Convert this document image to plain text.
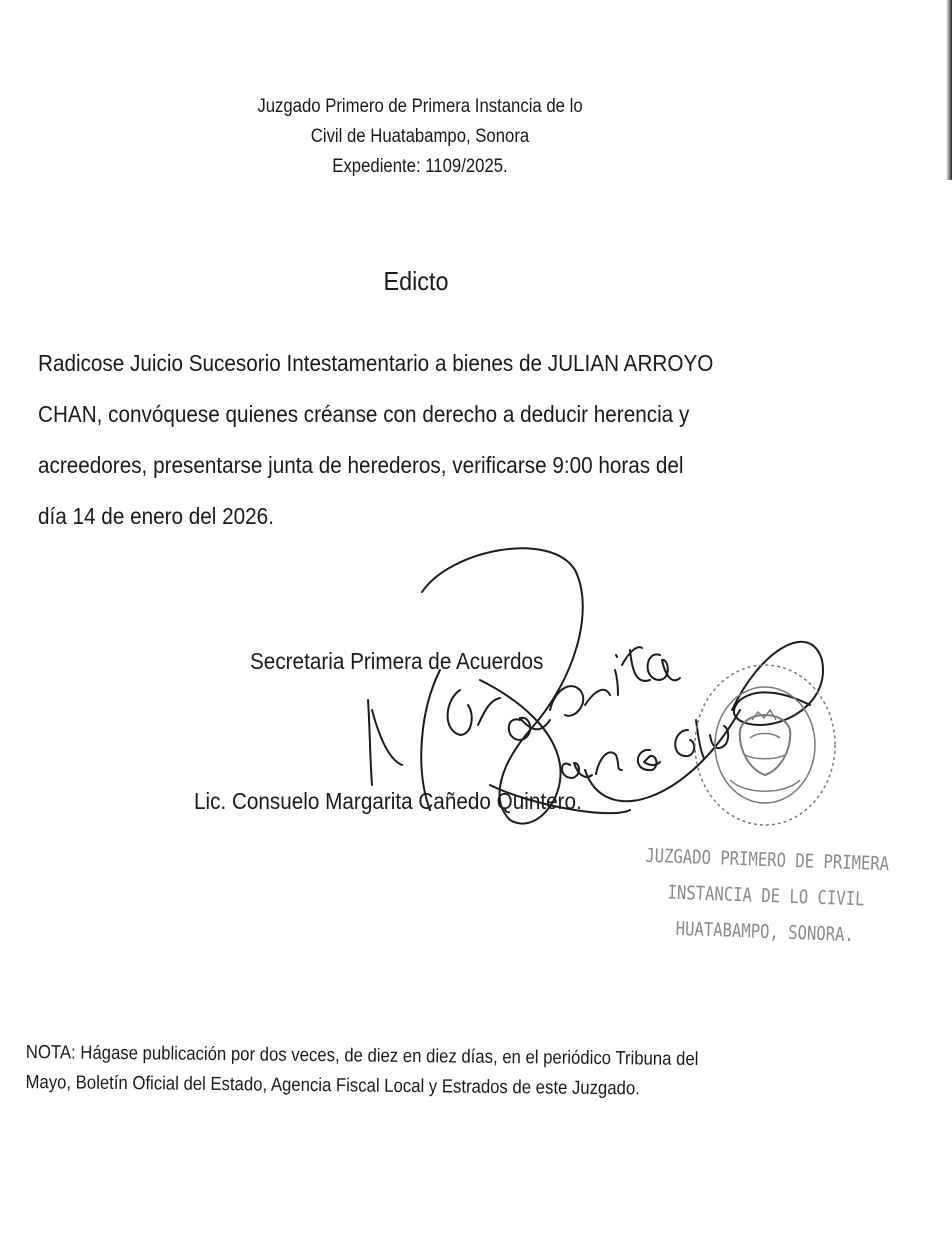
Juzgado Primero de Primera Instancia de lo
Civil de Huatabampo, Sonora
Expediente: 1109/2025.
Edicto
Radicose Juicio Sucesorio Intestamentario a bienes de JULIAN ARROYO
CHAN, convóquese quienes créanse con derecho a deducir herencia y
acreedores, presentarse junta de herederos, verificarse 9:00 horas del
día 14 de enero del 2026.
Secretaria Primera de Acuerdos
Lic. Consuelo Margarita Cañedo Quintero.
JUZGADO PRIMERO DE PRIMERA
INSTANCIA DE LO CIVIL
HUATABAMPO, SONORA.
NOTA: Hágase publicación por dos veces, de diez en diez días, en el periódico Tribuna del
Mayo, Boletín Oficial del Estado, Agencia Fiscal Local y Estrados de este Juzgado.
